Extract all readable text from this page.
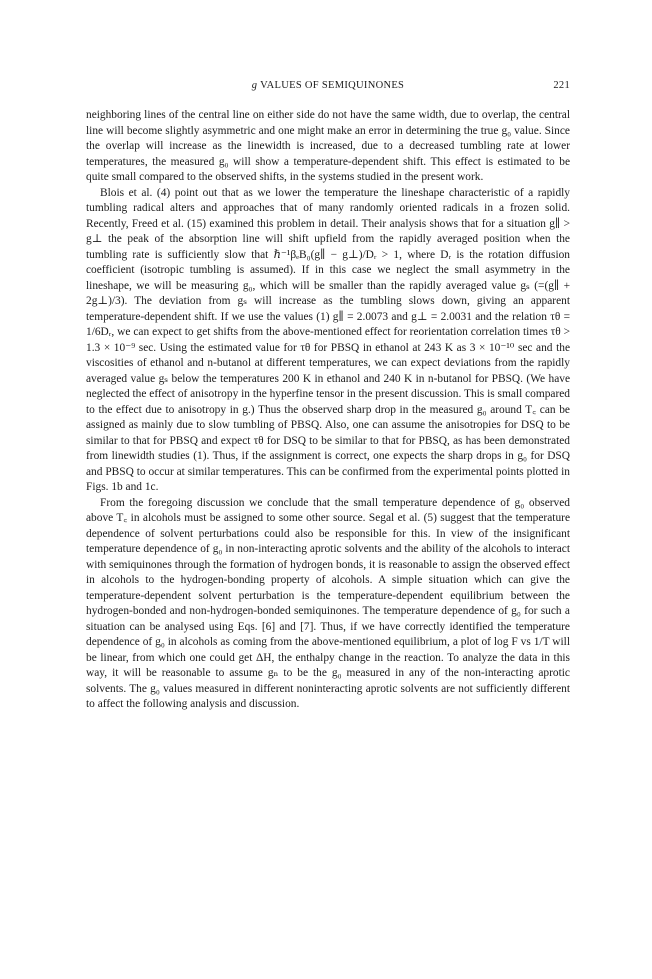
g VALUES OF SEMIQUINONES	221

neighboring lines of the central line on either side do not have the same width, due to overlap, the central line will become slightly asymmetric and one might make an error in determining the true g₀ value. Since the overlap will increase as the linewidth is increased, due to a decreased tumbling rate at lower temperatures, the measured g₀ will show a temperature-dependent shift. This effect is estimated to be quite small compared to the observed shifts, in the systems studied in the present work.

Blois et al. (4) point out that as we lower the temperature the lineshape characteristic of a rapidly tumbling radical alters and approaches that of many randomly oriented radicals in a frozen solid. Recently, Freed et al. (15) examined this problem in detail. Their analysis shows that for a situation g∥ > g⊥ the peak of the absorption line will shift upfield from the rapidly averaged position when the tumbling rate is sufficiently slow that ℏ⁻¹βₑB₀(g∥ − g⊥)/Dᵣ > 1, where Dᵣ is the rotation diffusion coefficient (isotropic tumbling is assumed). If in this case we neglect the small asymmetry in the lineshape, we will be measuring g₀, which will be smaller than the rapidly averaged value gₛ (=(g∥ + 2g⊥)/3). The deviation from gₛ will increase as the tumbling slows down, giving an apparent temperature-dependent shift. If we use the values (1) g∥ = 2.0073 and g⊥ = 2.0031 and the relation τθ = 1/6Dᵣ, we can expect to get shifts from the above-mentioned effect for reorientation correlation times τθ > 1.3 × 10⁻⁹ sec. Using the estimated value for τθ for PBSQ in ethanol at 243 K as 3 × 10⁻¹⁰ sec and the viscosities of ethanol and n-butanol at different temperatures, we can expect deviations from the rapidly averaged value gₛ below the temperatures 200 K in ethanol and 240 K in n-butanol for PBSQ. (We have neglected the effect of anisotropy in the hyperfine tensor in the present discussion. This is small compared to the effect due to anisotropy in g.) Thus the observed sharp drop in the measured g₀ around T꜀ can be assigned as mainly due to slow tumbling of PBSQ. Also, one can assume the anisotropies for DSQ to be similar to that for PBSQ and expect τθ for DSQ to be similar to that for PBSQ, as has been demonstrated from linewidth studies (1). Thus, if the assignment is correct, one expects the sharp drops in g₀ for DSQ and PBSQ to occur at similar temperatures. This can be confirmed from the experimental points plotted in Figs. 1b and 1c.

From the foregoing discussion we conclude that the small temperature dependence of g₀ observed above T꜀ in alcohols must be assigned to some other source. Segal et al. (5) suggest that the temperature dependence of solvent perturbations could also be responsible for this. In view of the insignificant temperature dependence of g₀ in non-interacting aprotic solvents and the ability of the alcohols to interact with semiquinones through the formation of hydrogen bonds, it is reasonable to assign the observed effect in alcohols to the hydrogen-bonding property of alcohols. A simple situation which can give the temperature-dependent solvent perturbation is the temperature-dependent equilibrium between the hydrogen-bonded and non-hydrogen-bonded semiquinones. The temperature dependence of g₀ for such a situation can be analysed using Eqs. [6] and [7]. Thus, if we have correctly identified the temperature dependence of g₀ in alcohols as coming from the above-mentioned equilibrium, a plot of log F vs 1/T will be linear, from which one could get ΔH, the enthalpy change in the reaction. To analyze the data in this way, it will be reasonable to assume gₙ to be the g₀ measured in any of the non-interacting aprotic solvents. The g₀ values measured in different noninteracting aprotic solvents are not sufficiently different to affect the following analysis and discussion.
